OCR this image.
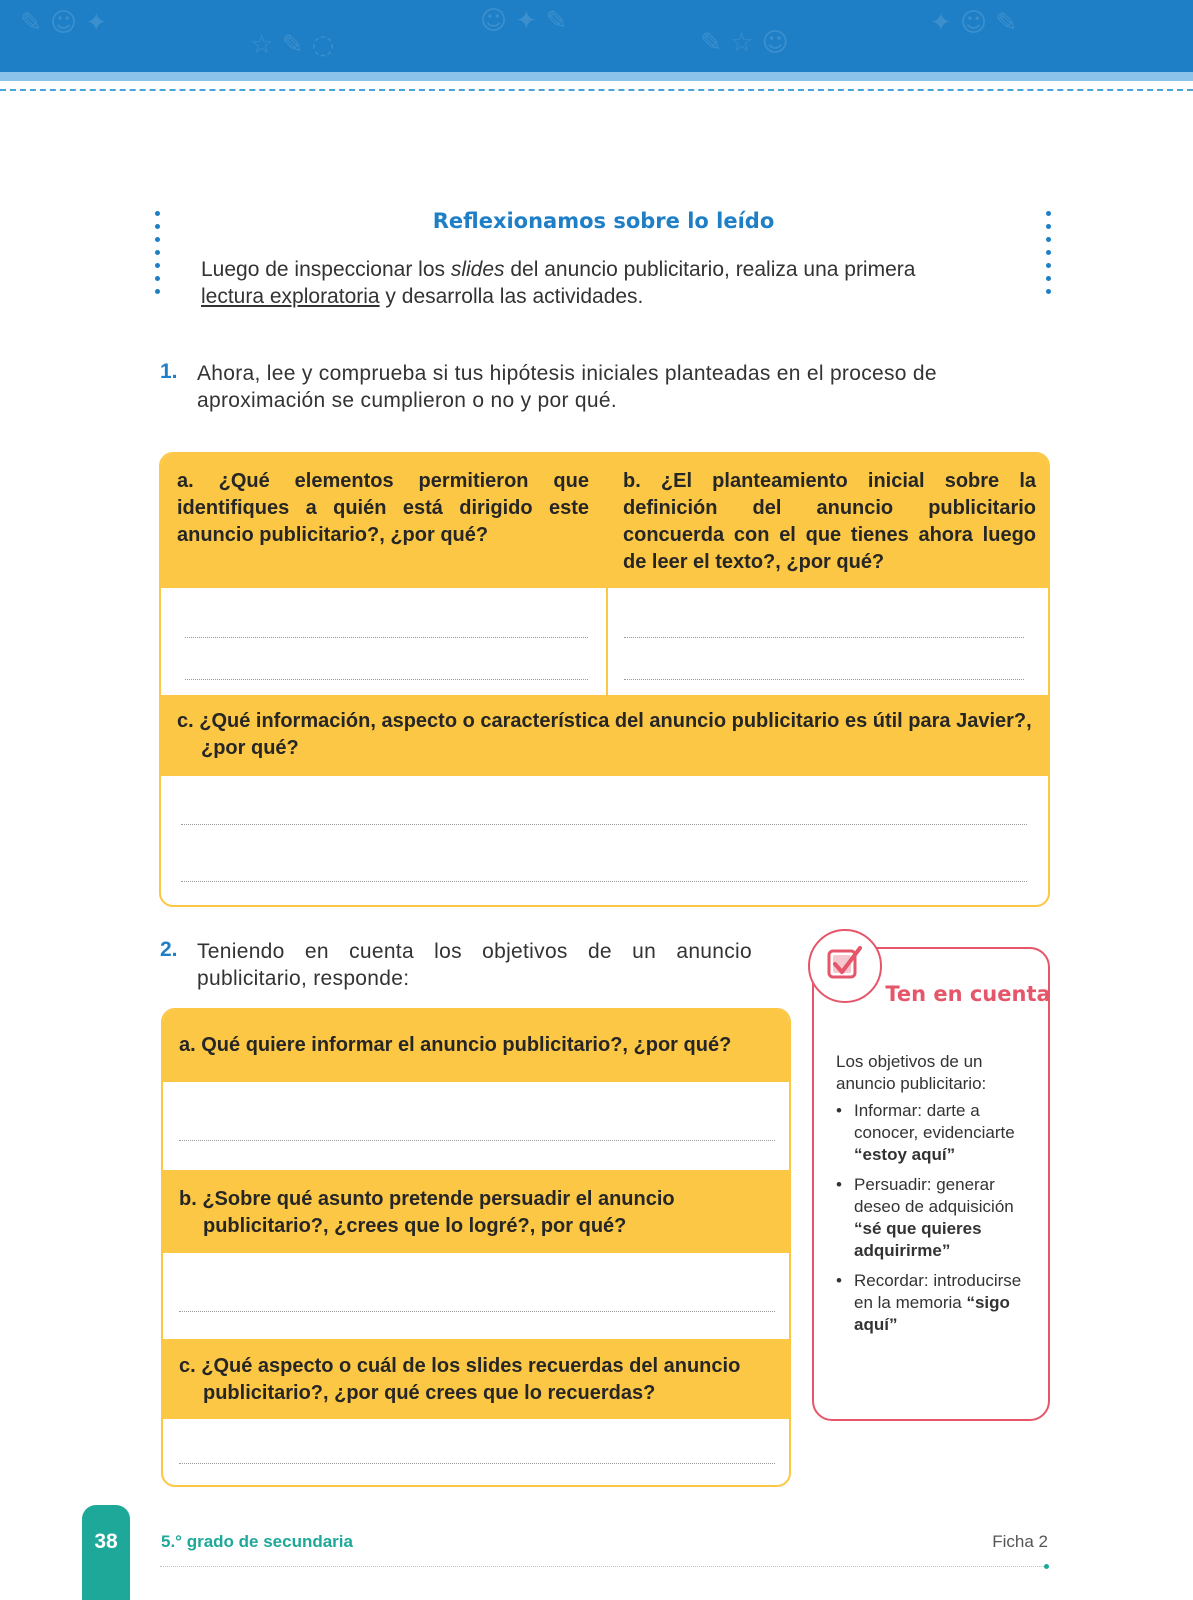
✎ ☺ ✦
☆ ✎ ◌
☺ ✦ ✎
✎ ☆ ☺
✦ ☺ ✎
Reflexionamos sobre lo leído
Luego de inspeccionar los slides del anuncio publicitario, realiza una primera
lectura exploratoria y desarrolla las actividades.
1. Ahora, lee y comprueba si tus hipótesis iniciales planteadas en el proceso de aproximación se cumplieron o no y por qué.
a. ¿Qué elementos permitieron que identifiques a quién está dirigido este anuncio publicitario?, ¿por qué?
b. ¿El planteamiento inicial sobre la definición del anuncio publicitario concuerda con el que tienes ahora luego de leer el texto?, ¿por qué?
c. ¿Qué información, aspecto o característica del anuncio publicitario es útil para Javier?, ¿por qué?
2. Teniendo en cuenta los objetivos de un anuncio publicitario, responde:
a. Qué quiere informar el anuncio publicitario?, ¿por qué?
b. ¿Sobre qué asunto pretende persuadir el anuncio publicitario?, ¿crees que lo logré?, por qué?
c. ¿Qué aspecto o cuál de los slides recuerdas del anuncio publicitario?, ¿por qué crees que lo recuerdas?
Ten en cuenta
Los objetivos de un anuncio publicitario:
• Informar: darte a conocer, evidenciarte “estoy aquí”
• Persuadir: generar deseo de adquisición “sé que quieres adquirirme”
• Recordar: introducirse en la memoria “sigo aquí”
38	5.° grado de secundaria	Ficha 2
